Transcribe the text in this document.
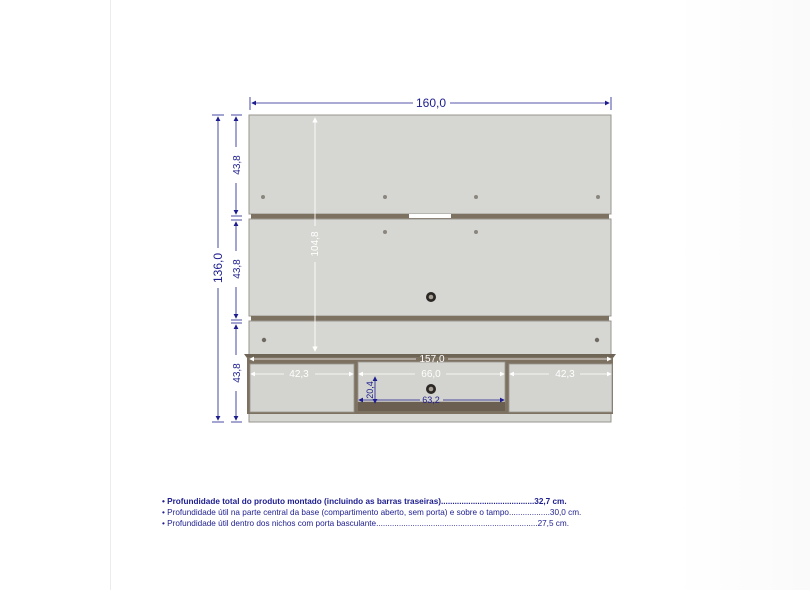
160,0
136,0
43,8
43,8
43,8
104,8
157,0
42,3	66,0	42,3
20,4
63,2
• Profundidade total do produto montado (incluindo as barras traseiras).........................................32,7 cm.
• Profundidade útil na parte central da base (compartimento aberto, sem porta) e sobre o tampo..................30,0 cm.
• Profundidade útil dentro dos nichos com porta basculante.......................................................................27,5 cm.
